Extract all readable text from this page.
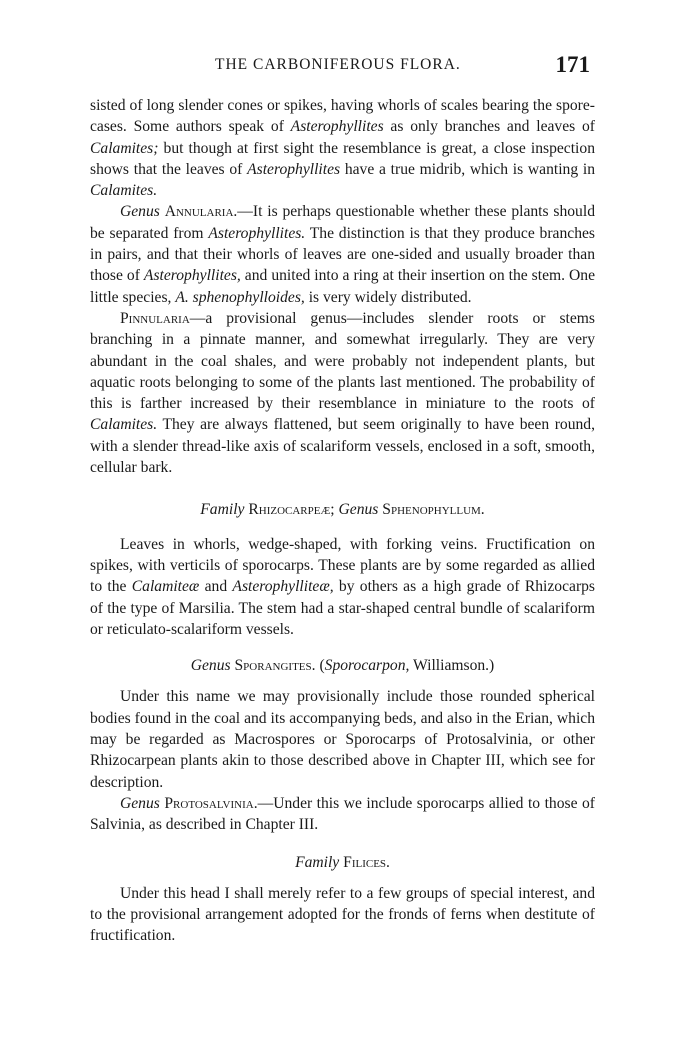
THE CARBONIFEROUS FLORA.	171

sisted of long slender cones or spikes, having whorls of scales bearing the spore-cases. Some authors speak of Asterophyllites as only branches and leaves of Calamites; but though at first sight the resemblance is great, a close inspection shows that the leaves of Asterophyllites have a true midrib, which is wanting in Calamites.

Genus Annularia.—It is perhaps questionable whether these plants should be separated from Asterophyllites. The distinction is that they produce branches in pairs, and that their whorls of leaves are one-sided and usually broader than those of Asterophyllites, and united into a ring at their insertion on the stem. One little species, A. sphenophylloides, is very widely distributed.

Pinnularia—a provisional genus—includes slender roots or stems branching in a pinnate manner, and somewhat irregularly. They are very abundant in the coal shales, and were probably not independent plants, but aquatic roots belonging to some of the plants last mentioned. The probability of this is farther increased by their resemblance in miniature to the roots of Calamites. They are always flattened, but seem originally to have been round, with a slender thread-like axis of scalariform vessels, enclosed in a soft, smooth, cellular bark.

Family Rhizocarpeæ; Genus Sphenophyllum.

Leaves in whorls, wedge-shaped, with forking veins. Fructification on spikes, with verticils of sporocarps. These plants are by some regarded as allied to the Calamiteæ and Asterophylliteæ, by others as a high grade of Rhizocarps of the type of Marsilia. The stem had a star-shaped central bundle of scalariform or reticulato-scalariform vessels.

Genus Sporangites. (Sporocarpon, Williamson.)

Under this name we may provisionally include those rounded spherical bodies found in the coal and its accompanying beds, and also in the Erian, which may be regarded as Macrospores or Sporocarps of Protosalvinia, or other Rhizocarpean plants akin to those described above in Chapter III, which see for description.

Genus Protosalvinia.—Under this we include sporocarps allied to those of Salvinia, as described in Chapter III.

Family Filices.

Under this head I shall merely refer to a few groups of special interest, and to the provisional arrangement adopted for the fronds of ferns when destitute of fructification.
